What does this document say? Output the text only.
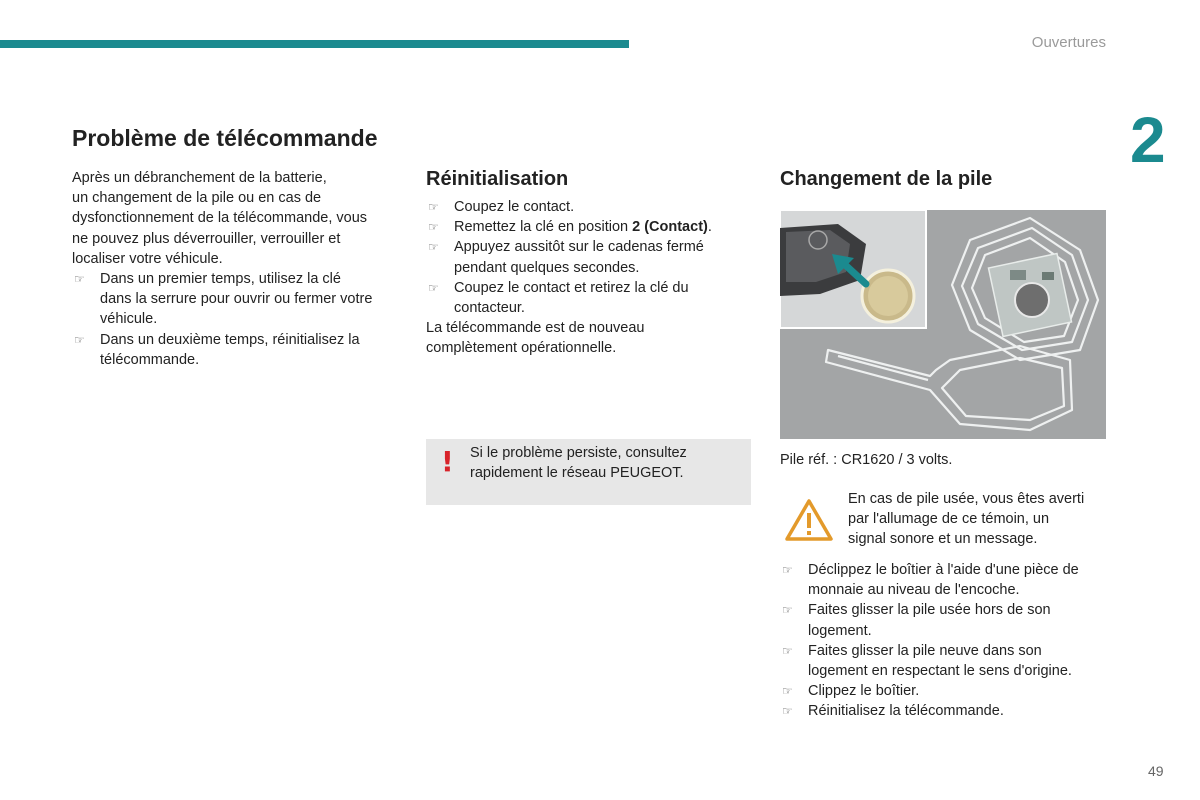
Ouvertures
2
Problème de télécommande
Après un débranchement de la batterie,
un changement de la pile ou en cas de
dysfonctionnement de la télécommande, vous
ne pouvez plus déverrouiller, verrouiller et
localiser votre véhicule.
☞ Dans un premier temps, utilisez la clé
dans la serrure pour ouvrir ou fermer votre
véhicule.
☞ Dans un deuxième temps, réinitialisez la
télécommande.
Réinitialisation
☞ Coupez le contact.
☞ Remettez la clé en position 2 (Contact).
☞ Appuyez aussitôt sur le cadenas fermé
pendant quelques secondes.
☞ Coupez le contact et retirez la clé du
contacteur.
La télécommande est de nouveau
complètement opérationnelle.
! Si le problème persiste, consultez
rapidement le réseau PEUGEOT.
Changement de la pile
Pile réf. : CR1620 / 3 volts.
En cas de pile usée, vous êtes averti
par l'allumage de ce témoin, un
signal sonore et un message.
☞ Déclippez le boîtier à l'aide d'une pièce de
monnaie au niveau de l'encoche.
☞ Faites glisser la pile usée hors de son
logement.
☞ Faites glisser la pile neuve dans son
logement en respectant le sens d'origine.
☞ Clippez le boîtier.
☞ Réinitialisez la télécommande.
49
